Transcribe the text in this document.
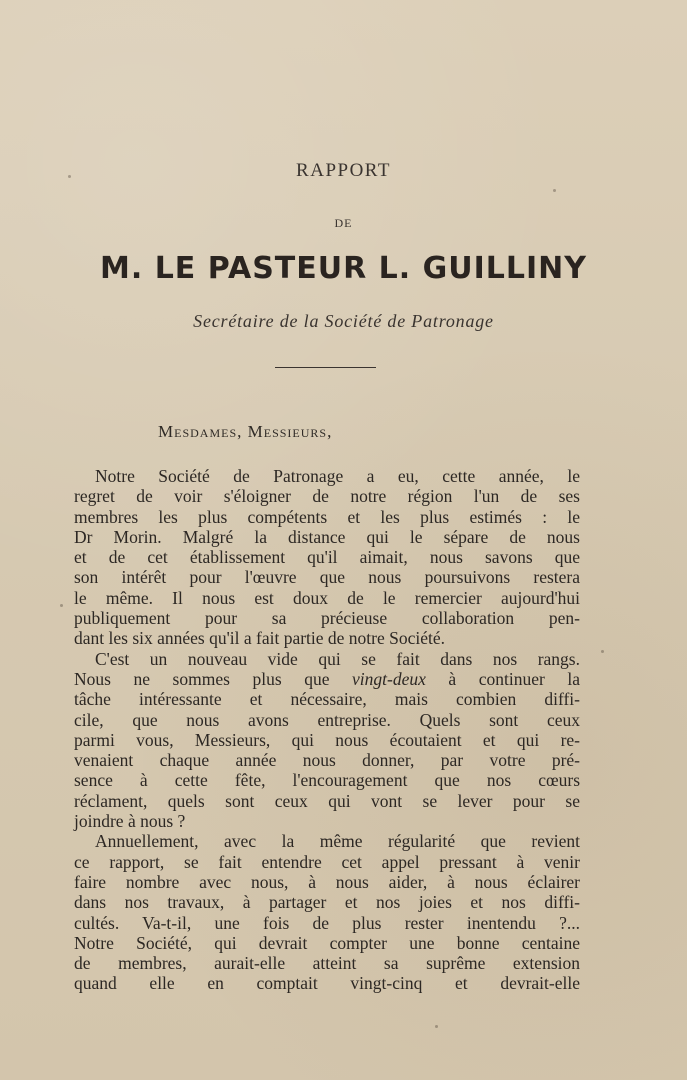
RAPPORT
DE
M. LE PASTEUR L. GUILLINY
Secrétaire de la Société de Patronage
Mesdames, Messieurs,
Notre Société de Patronage a eu, cette année, le
regret de voir s'éloigner de notre région l'un de ses
membres les plus compétents et les plus estimés : le
Dr Morin. Malgré la distance qui le sépare de nous
et de cet établissement qu'il aimait, nous savons que
son intérêt pour l'œuvre que nous poursuivons restera
le même. Il nous est doux de le remercier aujourd'hui
publiquement pour sa précieuse collaboration pen-
dant les six années qu'il a fait partie de notre Société.
C'est un nouveau vide qui se fait dans nos rangs.
Nous ne sommes plus que vingt-deux à continuer la
tâche intéressante et nécessaire, mais combien diffi-
cile, que nous avons entreprise. Quels sont ceux
parmi vous, Messieurs, qui nous écoutaient et qui re-
venaient chaque année nous donner, par votre pré-
sence à cette fête, l'encouragement que nos cœurs
réclament, quels sont ceux qui vont se lever pour se
joindre à nous ?
Annuellement, avec la même régularité que revient
ce rapport, se fait entendre cet appel pressant à venir
faire nombre avec nous, à nous aider, à nous éclairer
dans nos travaux, à partager et nos joies et nos diffi-
cultés. Va-t-il, une fois de plus rester inentendu ?...
Notre Société, qui devrait compter une bonne centaine
de membres, aurait-elle atteint sa suprême extension
quand elle en comptait vingt-cinq et devrait-elle
